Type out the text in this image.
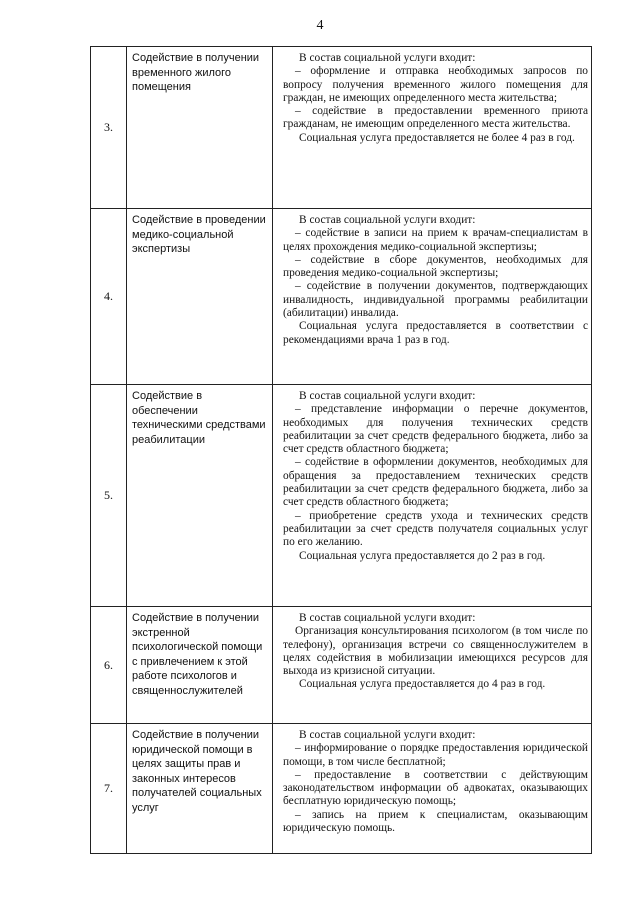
4
3.	Содействие в получении временного жилого помещения	В состав социальной услуги входит:

– оформление и отправка необходимых запросов по вопросу получения временного жилого помещения для граждан, не имеющих определенного места жительства;

– содействие в предоставлении временного приюта гражданам, не имеющим определенного места жительства.

Социальная услуга предоставляется не более 4 раз в год.

4.	Содействие в проведении медико-социальной экспертизы	В состав социальной услуги входит:

– содействие в записи на прием к врачам-специалистам в целях прохождения медико-социальной экспертизы;

– содействие в сборе документов, необходимых для проведения медико-социальной экспертизы;

– содействие в получении документов, подтверждающих инвалидность, индивидуальной программы реабилитации (абилитации) инвалида.

Социальная услуга предоставляется в соответствии с рекомендациями врача 1 раз в год.

5.	Содействие в обеспечении техническими средствами реабилитации	В состав социальной услуги входит:

– представление информации о перечне документов, необходимых для получения технических средств реабилитации за счет средств федерального бюджета, либо за счет средств областного бюджета;

– содействие в оформлении документов, необходимых для обращения за предоставлением технических средств реабилитации за счет средств федерального бюджета, либо за счет средств областного бюджета;

– приобретение средств ухода и технических средств реабилитации за счет средств получателя социальных услуг по его желанию.

Социальная услуга предоставляется до 2 раз в год.

6.	Содействие в получении экстренной психологической помощи с привлечением к этой работе психологов и священнослужителей	В состав социальной услуги входит:

Организация консультирования психологом (в том числе по телефону), организация встречи со священнослужителем в целях содействия в мобилизации имеющихся ресурсов для выхода из кризисной ситуации.

Социальная услуга предоставляется до 4 раз в год.

7.	Содействие в получении юридической помощи в целях защиты прав и законных интересов получателей социальных услуг	В состав социальной услуги входит:

– информирование о порядке предоставления юридической помощи, в том числе бесплатной;

– предоставление в соответствии с действующим законодательством информации об адвокатах, оказывающих бесплатную юридическую помощь;

– запись на прием к специалистам, оказывающим юридическую помощь.
